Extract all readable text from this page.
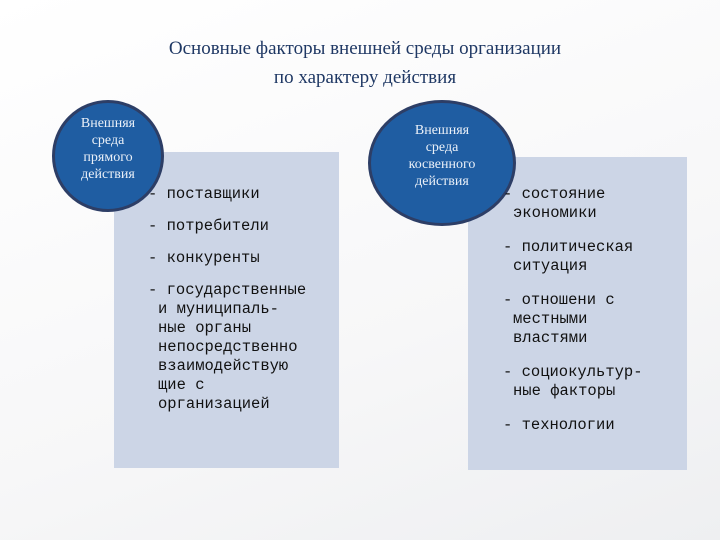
Основные факторы внешней среды организации
по характеру действия
Внешняя
среда
прямого
действия
Внешняя
среда
косвенного
действия
- поставщики
- потребители
- конкуренты
- государственные
и муниципаль-
ные органы
непосредственно
взаимодействую
щие с
организацией
- состояние
экономики
- политическая
ситуация
- отношени с
местными
властями
- социокультур-
ные факторы
- технологии
